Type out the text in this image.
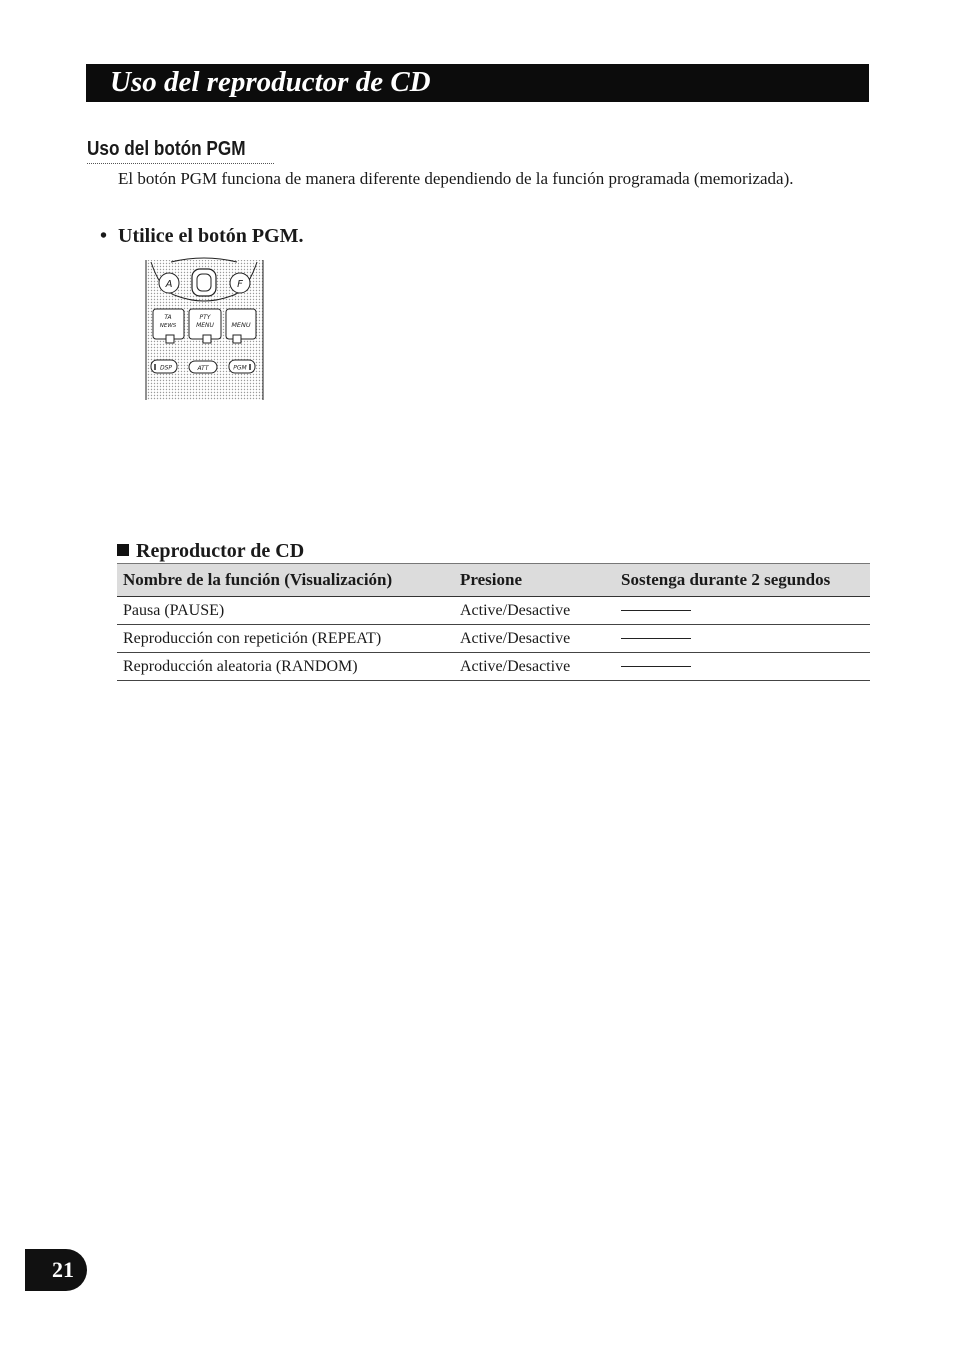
Uso del reproductor de CD
Uso del botón PGM
El botón PGM funciona de manera diferente dependiendo de la función programada (memorizada).
• Utilice el botón PGM.
A	F
TA
NEWS
PTY
MENU	MENU
DSP	ATT	PGM
Reproductor de CD
Nombre de la función (Visualización)	Presione	Sostenga durante 2 segundos
Pausa (PAUSE)	Active/Desactive	
Reproducción con repetición (REPEAT)	Active/Desactive	
Reproducción aleatoria (RANDOM)	Active/Desactive	
21
